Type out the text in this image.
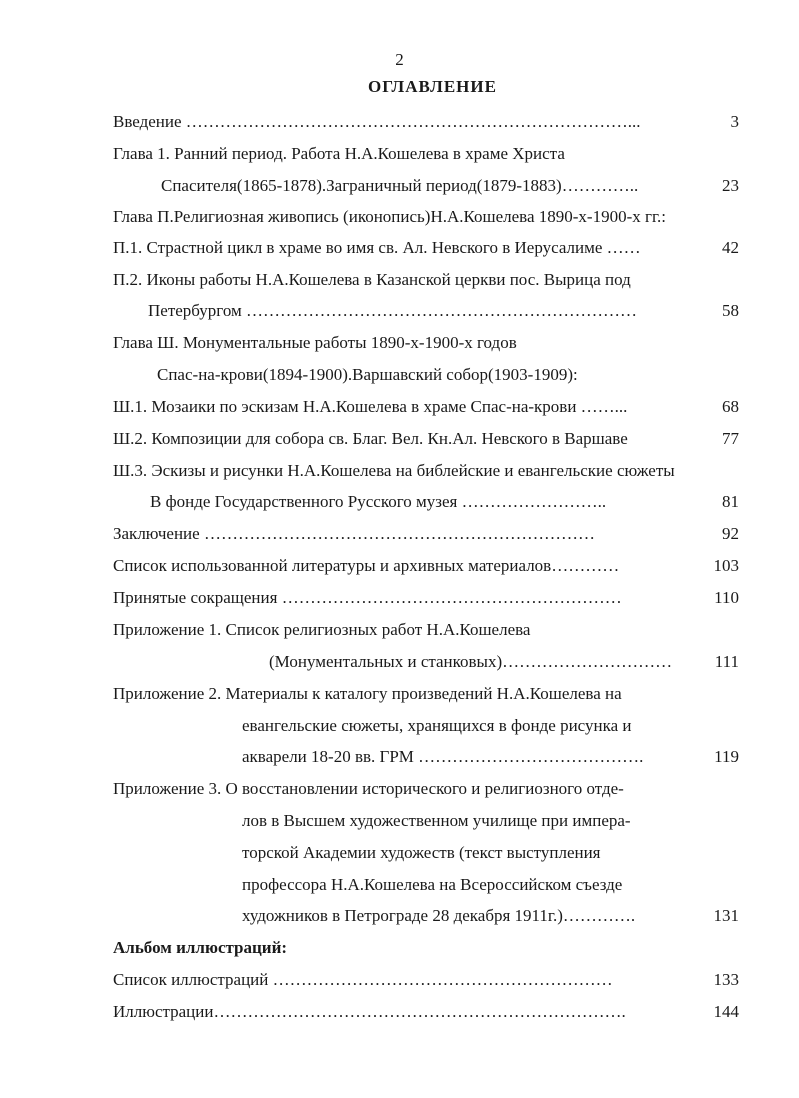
2
ОГЛАВЛЕНИЕ
Введение ……………………………………………………………………...	3
Глава 1. Ранний период. Работа Н.А.Кошелева в храме Христа
Спасителя(1865-1878).Заграничный период(1879-1883)…………..	23
Глава П.Религиозная живопись (иконопись)Н.А.Кошелева 1890-х-1900-х гг.:
П.1. Страстной цикл в храме во имя св. Ал. Невского в Иерусалиме ……	42
П.2. Иконы работы Н.А.Кошелева в Казанской церкви пос. Вырица под
Петербургом ……………………………………………………………	58
Глава Ш. Монументальные работы 1890-х-1900-х годов
Спас-на-крови(1894-1900).Варшавский собор(1903-1909):
Ш.1. Мозаики по эскизам Н.А.Кошелева в храме Спас-на-крови ……...	68
Ш.2. Композиции для собора св. Благ. Вел. Кн.Ал. Невского в Варшаве	77
Ш.3. Эскизы и рисунки Н.А.Кошелева на библейские и евангельские сюжеты
В фонде Государственного Русского музея ……………………..	81
Заключение ……………………………………………………………	92
Список использованной литературы и архивных материалов…………	103
Принятые сокращения ……………………………………………………	110
Приложение 1. Список религиозных работ Н.А.Кошелева
(Монументальных и станковых)…………………………	111
Приложение 2. Материалы к каталогу произведений Н.А.Кошелева на
евангельские сюжеты, хранящихся в фонде рисунка и
акварели 18-20 вв. ГРМ ………………………………….	119
Приложение 3. О восстановлении исторического и религиозного отде-
лов в Высшем художественном училище при импера-
торской Академии художеств (текст выступления
профессора Н.А.Кошелева на Всероссийском съезде
художников в Петрограде 28 декабря 1911г.)………….	131
Альбом иллюстраций:
Список иллюстраций ……………………………………………………	133
Иллюстрации……………………………………………………………….	144
